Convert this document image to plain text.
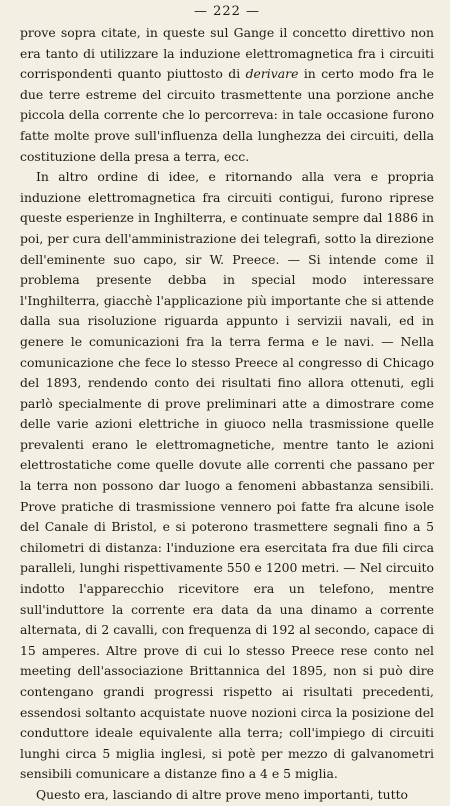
— 222 —

prove sopra citate, in queste sul Gange il concetto direttivo non era tanto di utilizzare la induzione elettromagnetica fra i circuiti corrispondenti quanto piuttosto di derivare in certo modo fra le due terre estreme del circuito trasmettente una porzione anche piccola della corrente che lo percorreva: in tale occasione furono fatte molte prove sull'influenza della lunghezza dei circuiti, della costituzione della presa a terra, ecc.

In altro ordine di idee, e ritornando alla vera e propria induzione elettromagnetica fra circuiti contigui, furono riprese queste esperienze in Inghilterra, e continuate sempre dal 1886 in poi, per cura dell'amministrazione dei telegrafi, sotto la direzione dell'eminente suo capo, sir W. Preece. — Si intende come il problema presente debba in special modo interessare l'Inghilterra, giacchè l'applicazione più importante che si attende dalla sua risoluzione riguarda appunto i servizii navali, ed in genere le comunicazioni fra la terra ferma e le navi. — Nella comunicazione che fece lo stesso Preece al congresso di Chicago del 1893, rendendo conto dei risultati fino allora ottenuti, egli parlò specialmente di prove preliminari atte a dimostrare come delle varie azioni elettriche in giuoco nella trasmissione quelle prevalenti erano le elettromagnetiche, mentre tanto le azioni elettrostatiche come quelle dovute alle correnti che passano per la terra non possono dar luogo a fenomeni abbastanza sensibili. Prove pratiche di trasmissione vennero poi fatte fra alcune isole del Canale di Bristol, e si poterono trasmettere segnali fino a 5 chilometri di distanza: l'induzione era esercitata fra due fili circa paralleli, lunghi rispettivamente 550 e 1200 metri. — Nel circuito indotto l'apparecchio ricevitore era un telefono, mentre sull'induttore la corrente era data da una dinamo a corrente alternata, di 2 cavalli, con frequenza di 192 al secondo, capace di 15 amperes. Altre prove di cui lo stesso Preece rese conto nel meeting dell'associazione Brittannica del 1895, non si può dire contengano grandi progressi rispetto ai risultati precedenti, essendosi soltanto acquistate nuove nozioni circa la posizione del conduttore ideale equivalente alla terra; coll'impiego di circuiti lunghi circa 5 miglia inglesi, si potè per mezzo di galvanometri sensibili comunicare a distanze fino a 4 e 5 miglia.

Questo era, lasciando di altre prove meno importanti, tutto
